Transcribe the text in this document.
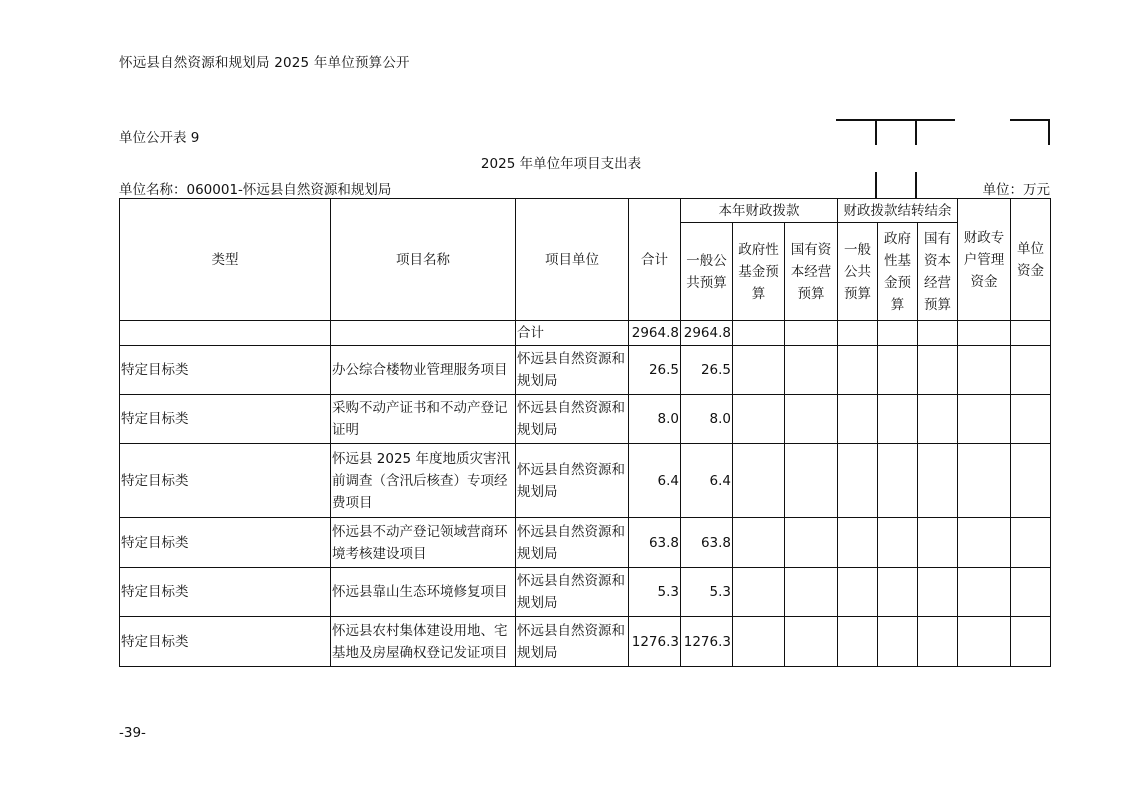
怀远县自然资源和规划局 2025 年单位预算公开
单位公开表 9
2025 年单位年项目支出表
单位名称：060001-怀远县自然资源和规划局	单位：万元
类型	项目名称	项目单位	合计	本年财政拨款			财政拨款结转结余			财政专户管理资金	单位资金
				一般公共预算	政府性基金预算	国有资本经营预算	一般公共预算	政府性基金预算	国有资本经营预算		
		合计	2964.8	2964.8							
特定目标类	办公综合楼物业管理服务项目	怀远县自然资源和规划局	26.5	26.5							
特定目标类	采购不动产证书和不动产登记证明	怀远县自然资源和规划局	8.0	8.0							
特定目标类	怀远县 2025 年度地质灾害汛前调查（含汛后核查）专项经费项目	怀远县自然资源和规划局	6.4	6.4							
特定目标类	怀远县不动产登记领域营商环境考核建设项目	怀远县自然资源和规划局	63.8	63.8							
特定目标类	怀远县靠山生态环境修复项目	怀远县自然资源和规划局	5.3	5.3							
特定目标类	怀远县农村集体建设用地、宅基地及房屋确权登记发证项目	怀远县自然资源和规划局	1276.3	1276.3							
-39-
